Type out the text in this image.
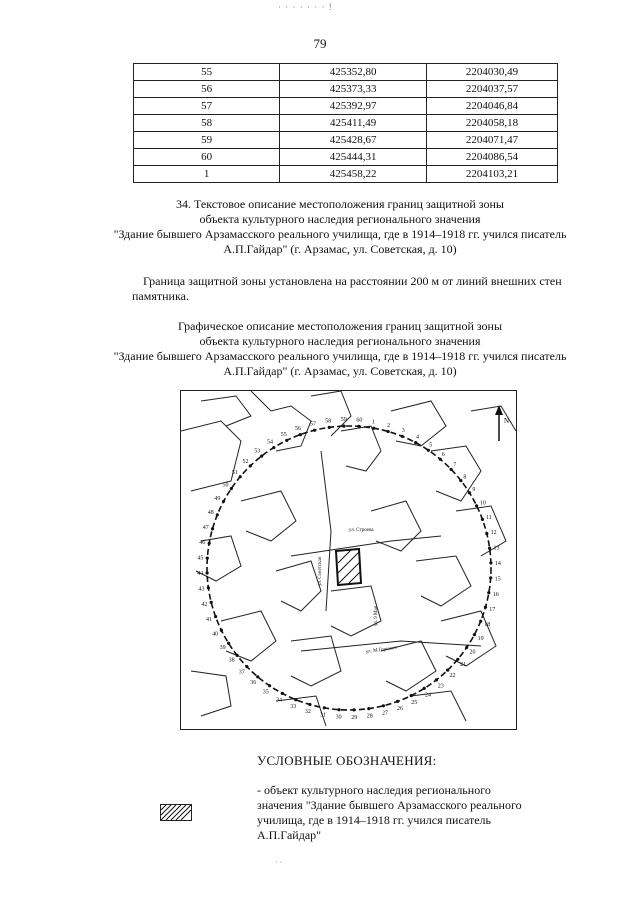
· · · · · · · !
79
55	425352,80	2204030,49
56	425373,33	2204037,57
57	425392,97	2204046,84
58	425411,49	2204058,18
59	425428,67	2204071,47
60	425444,31	2204086,54
1	425458,22	2204103,21
34. Текстовое описание местоположения границ защитной зоны
объекта культурного наследия регионального значения
"Здание бывшего Арзамасского реального училища, где в 1914–1918 гг. учился писатель
А.П.Гайдар" (г. Арзамас, ул. Советская, д. 10)
Граница защитной зоны установлена на расстоянии 200 м от линий внешних стен
памятника.
Графическое описание местоположения границ защитной зоны
объекта культурного наследия регионального значения
"Здание бывшего Арзамасского реального училища, где в 1914–1918 гг. учился писатель
А.П.Гайдар" (г. Арзамас, ул. Советская, д. 10)
1
2
3
4
5
6
7
8
9
10
11
12
13
14
15
16
17
18
19
20
21
22
23
24
25
26
27
28
29
30
31
32
33
34
35
36
37
38
39
40
41
42
43
44
45
46
47
48
49
50
51
52
53
54
55
56
57 58 59 60
ул. Строева
ул. Советская
ул. 9 Мая
ул. М.Горького
N
УСЛОВНЫЕ ОБОЗНАЧЕНИЯ:
- объект культурного наследия регионального
значения "Здание бывшего Арзамасского реального
училища, где в 1914–1918 гг. учился писатель
А.П.Гайдар"
· ·
